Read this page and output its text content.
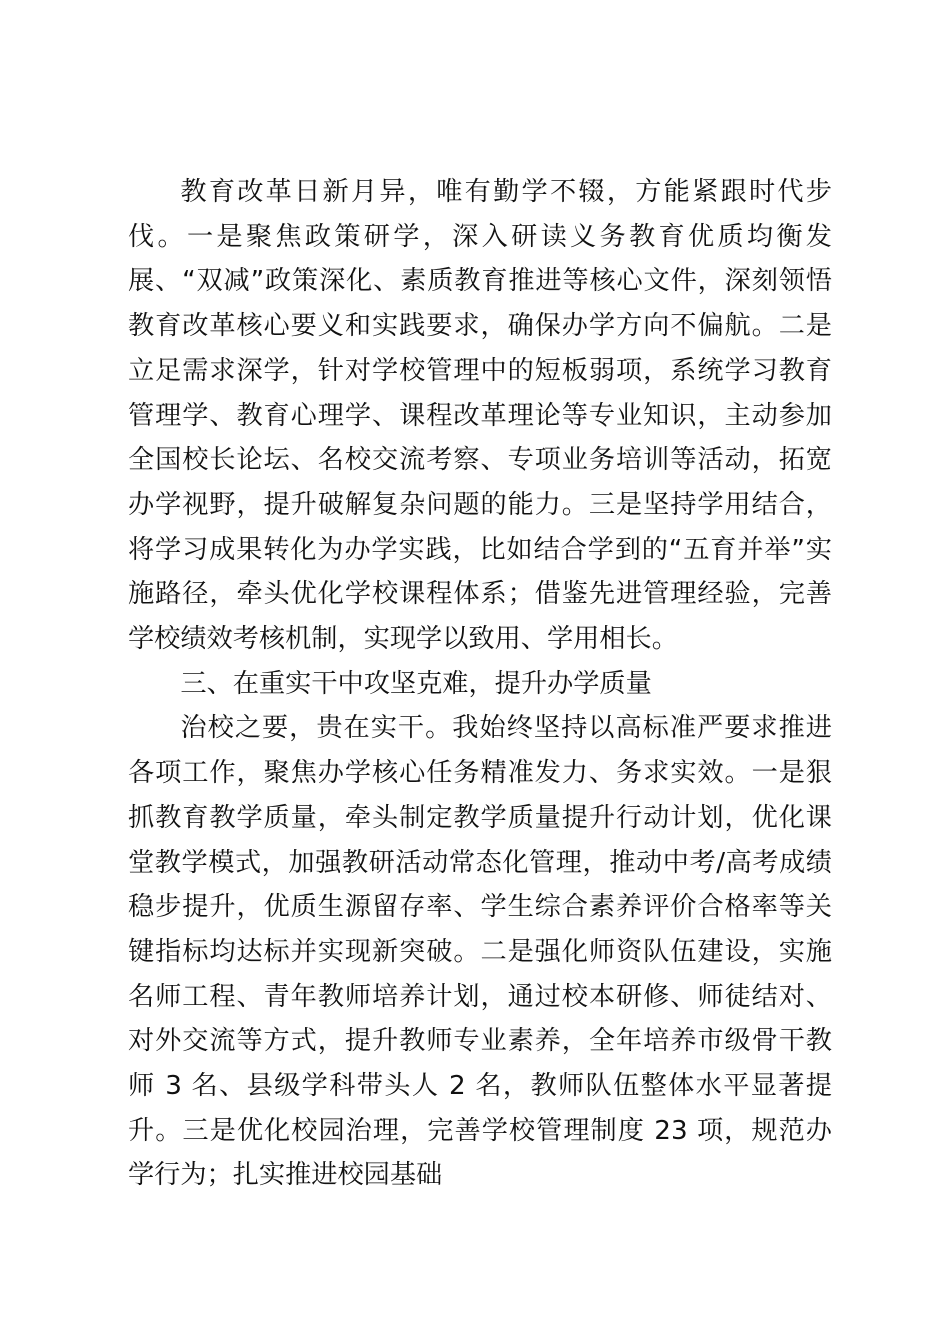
教育改革日新月异，唯有勤学不辍，方能紧跟时代步伐。一是聚焦政策研学，深入研读义务教育优质均衡发展、“双减”政策深化、素质教育推进等核心文件，深刻领悟教育改革核心要义和实践要求，确保办学方向不偏航。二是立足需求深学，针对学校管理中的短板弱项，系统学习教育管理学、教育心理学、课程改革理论等专业知识，主动参加全国校长论坛、名校交流考察、专项业务培训等活动，拓宽办学视野，提升破解复杂问题的能力。三是坚持学用结合，将学习成果转化为办学实践，比如结合学到的“五育并举”实施路径，牵头优化学校课程体系；借鉴先进管理经验，完善学校绩效考核机制，实现学以致用、学用相长。

三、在重实干中攻坚克难，提升办学质量

治校之要，贵在实干。我始终坚持以高标准严要求推进各项工作，聚焦办学核心任务精准发力、务求实效。一是狠抓教育教学质量，牵头制定教学质量提升行动计划，优化课堂教学模式，加强教研活动常态化管理，推动中考/高考成绩稳步提升，优质生源留存率、学生综合素养评价合格率等关键指标均达标并实现新突破。二是强化师资队伍建设，实施名师工程、青年教师培养计划，通过校本研修、师徒结对、对外交流等方式，提升教师专业素养，全年培养市级骨干教师 3 名、县级学科带头人 2 名，教师队伍整体水平显著提升。三是优化校园治理，完善学校管理制度 23 项，规范办学行为；扎实推进校园基础
